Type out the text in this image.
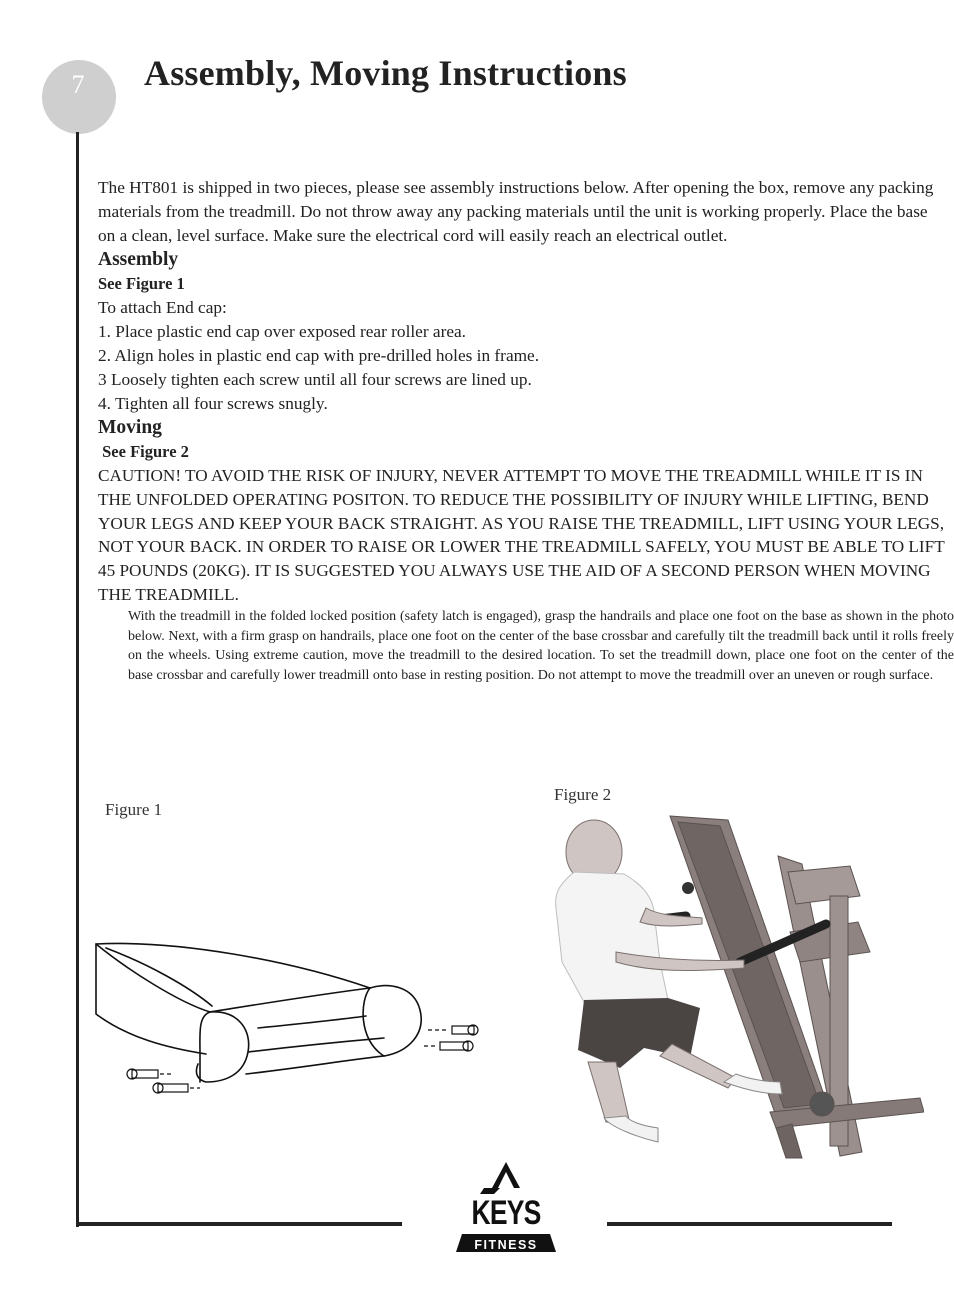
7	Assembly, Moving Instructions

The HT801 is shipped in two pieces, please see assembly instructions below. After opening the box, remove any packing materials from the treadmill. Do not throw away any packing materials until the unit is working properly. Place the base on a clean, level surface. Make sure the electrical cord will easily reach an electrical outlet.

Assembly

See Figure 1

To attach End cap:

1. Place plastic end cap over exposed rear roller area.

2. Align holes in plastic end cap with pre-drilled holes in frame.

3 Loosely tighten each screw until all four screws are lined up.

4. Tighten all four screws snugly.

Moving

See Figure 2

CAUTION! TO AVOID THE RISK OF INJURY, NEVER ATTEMPT TO MOVE THE TREADMILL WHILE IT IS IN THE UNFOLDED OPERATING POSITON. TO REDUCE THE POSSIBILITY OF INJURY WHILE LIFTING, BEND YOUR LEGS AND KEEP YOUR BACK STRAIGHT. AS YOU RAISE THE TREADMILL, LIFT USING YOUR LEGS, NOT YOUR BACK. IN ORDER TO RAISE OR LOWER THE TREADMILL SAFELY, YOU MUST BE ABLE TO LIFT 45 POUNDS (20KG). IT IS SUGGESTED YOU ALWAYS USE THE AID OF A SECOND PERSON WHEN MOVING THE TREADMILL.

With the treadmill in the folded locked position (safety latch is engaged), grasp the handrails and place one foot on the base as shown in the photo below. Next, with a firm grasp on handrails, place one foot on the center of the base crossbar and carefully tilt the treadmill back until it rolls freely on the wheels. Using extreme caution, move the treadmill to the desired location. To set the treadmill down, place one foot on the center of the base crossbar and carefully lower treadmill onto base in resting position. Do not attempt to move the treadmill over an uneven or rough surface.

Figure 1
Figure 2
KEYS
FITNESS
